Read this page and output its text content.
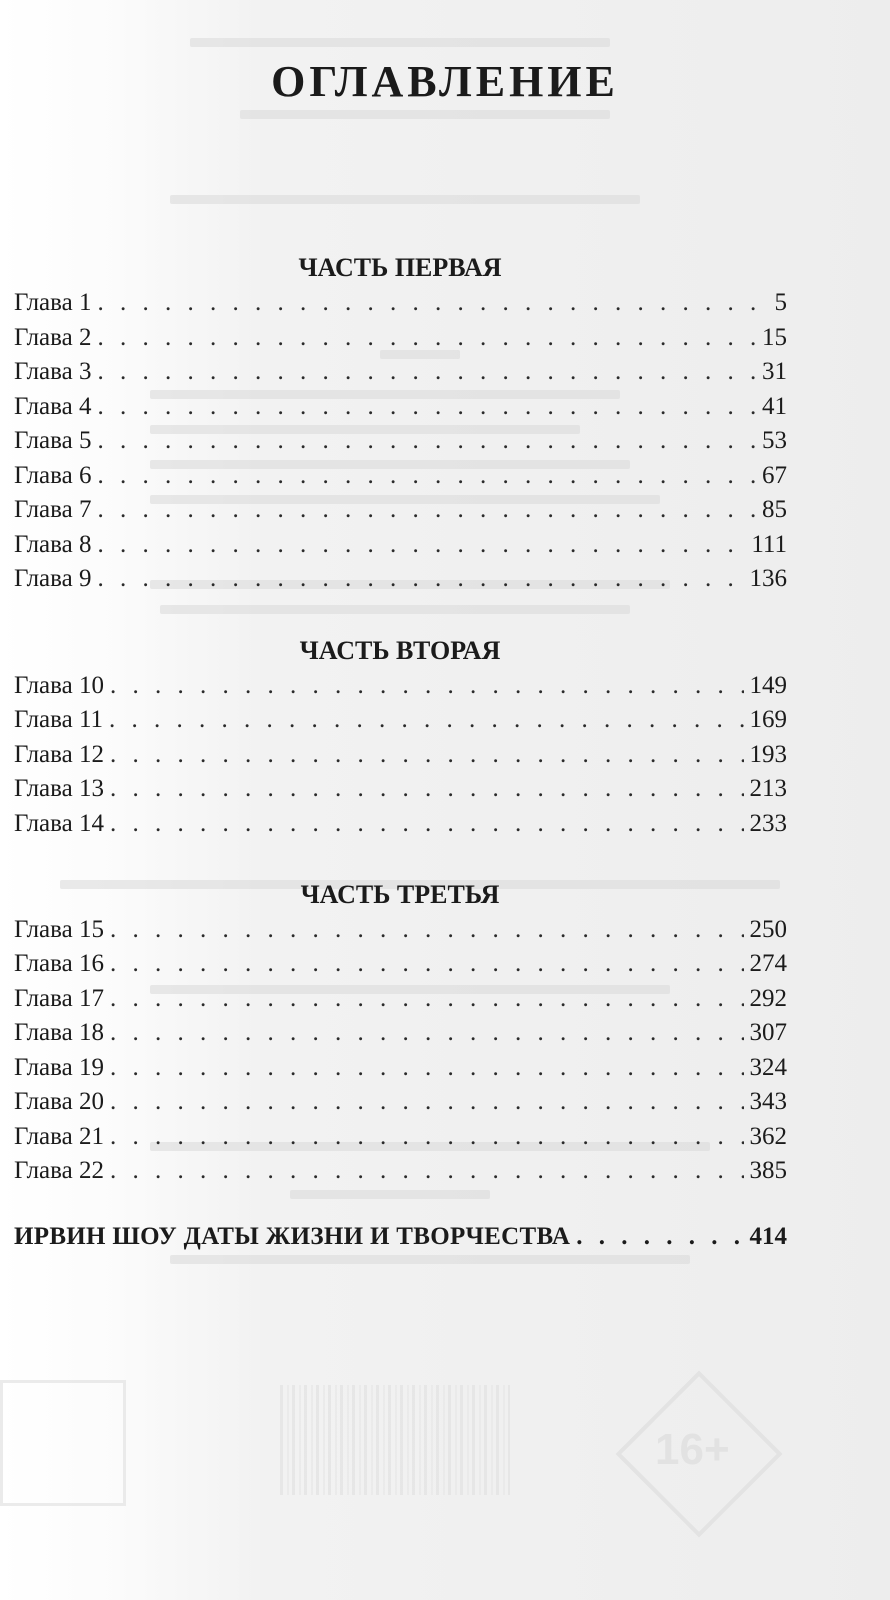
16+
ОГЛАВЛЕНИЕ
ЧАСТЬ ПЕРВАЯ
Глава 1 . . .	5
Глава 2 . . .	15
Глава 3 . . .	31
Глава 4 . . .	41
Глава 5 . . .	53
Глава 6 . . .	67
Глава 7 . . .	85
Глава 8 . . .	111
Глава 9 . . .	136
ЧАСТЬ ВТОРАЯ
Глава 10 . . .	149
Глава 11 . . .	169
Глава 12 . . .	193
Глава 13 . . .	213
Глава 14 . . .	233
ЧАСТЬ ТРЕТЬЯ
Глава 15 . . .	250
Глава 16 . . .	274
Глава 17 . . .	292
Глава 18 . . .	307
Глава 19 . . .	324
Глава 20 . . .	343
Глава 21 . . .	362
Глава 22 . . .	385
ИРВИН ШОУ ДАТЫ ЖИЗНИ И ТВОРЧЕСТВА . . .	414
